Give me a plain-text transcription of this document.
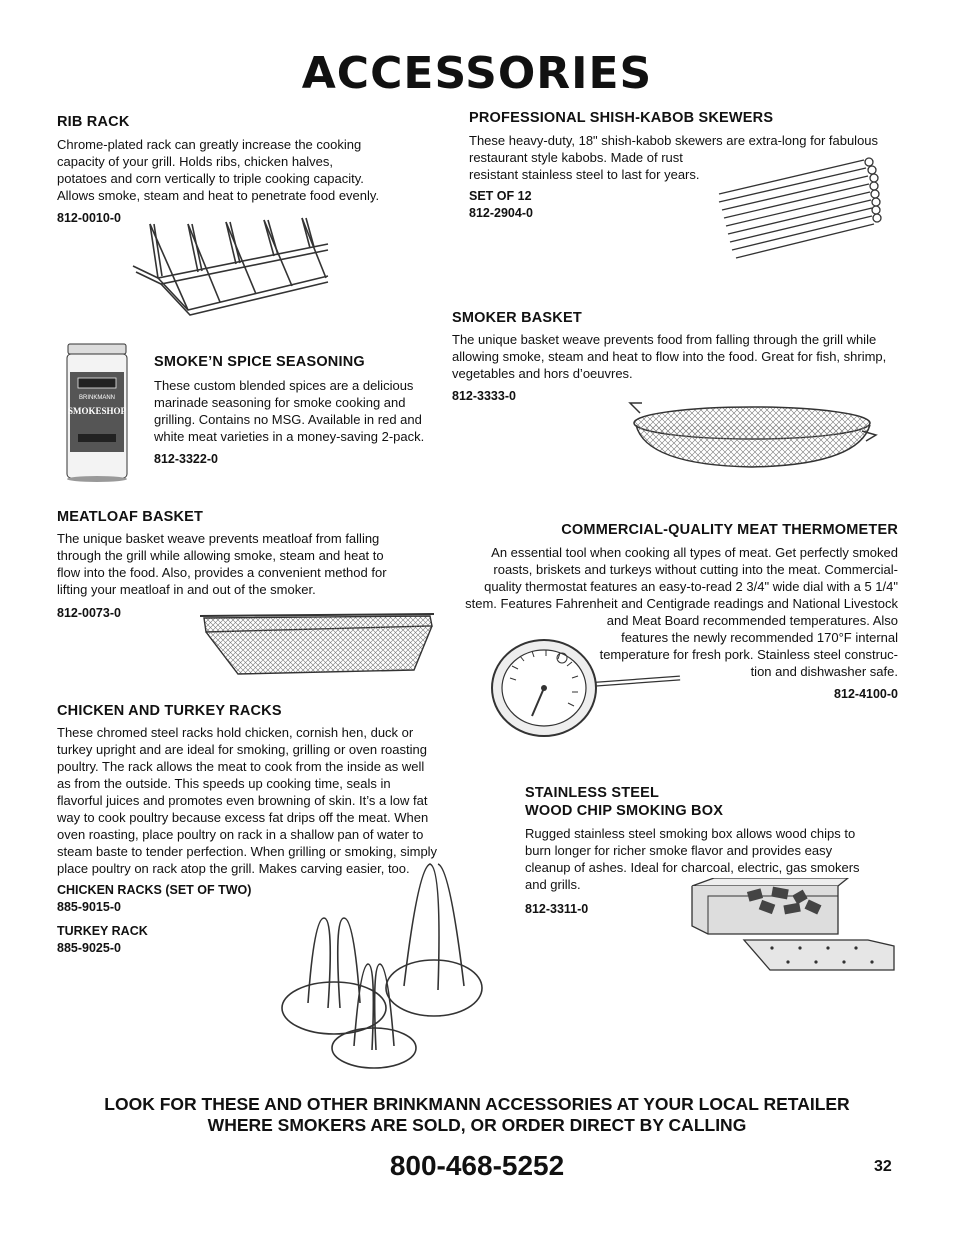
ACCESSORIES
RIB RACK
Chrome-plated rack can greatly increase the cooking
capacity of your grill. Holds ribs, chicken halves,
potatoes and corn vertically to triple cooking capacity.
Allows smoke, steam and heat to penetrate food evenly.
812-0010-0
PROFESSIONAL SHISH-KABOB SKEWERS
These heavy-duty, 18" shish-kabob skewers are extra-long for fabulous
restaurant style kabobs. Made of rust
resistant stainless steel to last for years.
SET OF 12
812-2904-0
SMOKER BASKET
The unique basket weave prevents food from falling through the grill while
allowing smoke, steam and heat to flow into the food. Great for fish, shrimp,
vegetables and hors d’oeuvres.
812-3333-0
BRINKMANN
SMOKESHOP
SMOKE’N SPICE SEASONING
These custom blended spices are a delicious
marinade seasoning for smoke cooking and
grilling. Contains no MSG. Available in red and
white meat varieties in a money-saving 2-pack.
812-3322-0
MEATLOAF BASKET
The unique basket weave prevents meatloaf from falling
through the grill while allowing smoke, steam and heat to
flow into the food. Also, provides a convenient method for
lifting your meatloaf in and out of the smoker.
812-0073-0
COMMERCIAL-QUALITY MEAT THERMOMETER
An essential tool when cooking all types of meat. Get perfectly smoked
roasts, briskets and turkeys without cutting into the meat. Commercial-
quality thermostat features an easy-to-read 2 3/4" wide dial with a 5 1/4"
stem. Features Fahrenheit and Centigrade readings and National Livestock
and Meat Board recommended temperatures. Also
features the newly recommended 170°F internal
temperature for fresh pork. Stainless steel construc-
tion and dishwasher safe.
812-4100-0
CHICKEN AND TURKEY RACKS
These chromed steel racks hold chicken, cornish hen, duck or
turkey upright and are ideal for smoking, grilling or oven roasting
poultry. The rack allows the meat to cook from the inside as well
as from the outside. This speeds up cooking time, seals in
flavorful juices and promotes even browning of skin. It’s a low fat
way to cook poultry because excess fat drips off the meat. When
oven roasting, place poultry on rack in a shallow pan of water to
steam baste to tender perfection. When grilling or smoking, simply
place poultry on rack atop the grill. Makes carving easier, too.
CHICKEN RACKS (SET OF TWO)
885-9015-0
TURKEY RACK
885-9025-0
STAINLESS STEEL
WOOD CHIP SMOKING BOX
Rugged stainless steel smoking box allows wood chips to
burn longer for richer smoke flavor and provides easy
cleanup of ashes. Ideal for charcoal, electric, gas smokers
and grills.
812-3311-0
LOOK FOR THESE AND OTHER BRINKMANN ACCESSORIES AT YOUR LOCAL RETAILER
WHERE SMOKERS ARE SOLD, OR ORDER DIRECT BY CALLING
800-468-5252	32
